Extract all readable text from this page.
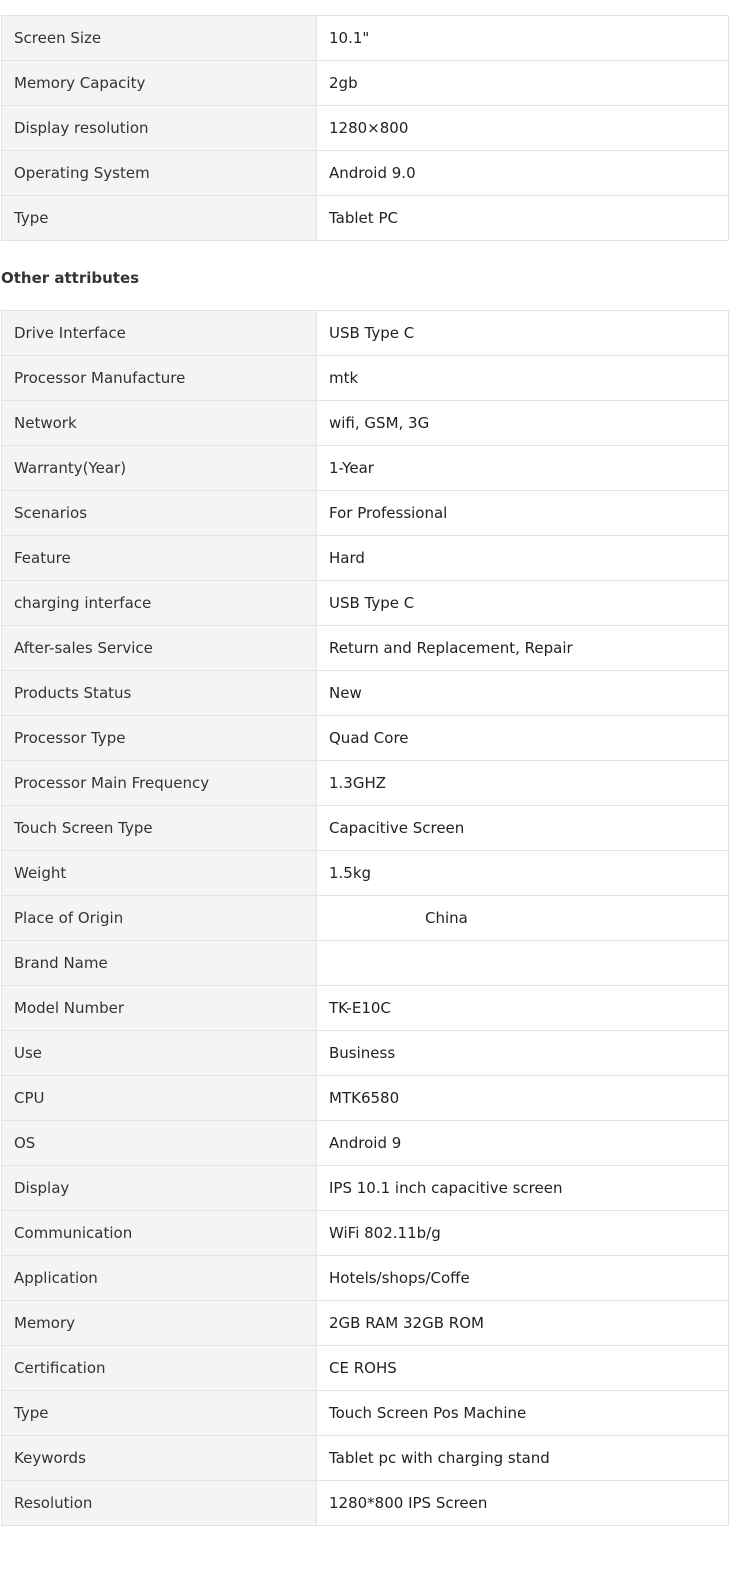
Screen Size	10.1"
Memory Capacity	2gb
Display resolution	1280×800
Operating System	Android 9.0
Type	Tablet PC
Other attributes
Drive Interface	USB Type C
Processor Manufacture	mtk
Network	wifi, GSM, 3G
Warranty(Year)	1-Year
Scenarios	For Professional
Feature	Hard
charging interface	USB Type C
After-sales Service	Return and Replacement, Repair
Products Status	New
Processor Type	Quad Core
Processor Main Frequency	1.3GHZ
Touch Screen Type	Capacitive Screen
Weight	1.5kg
Place of Origin	China
Brand Name	
Model Number	TK-E10C
Use	Business
CPU	MTK6580
OS	Android 9
Display	IPS 10.1 inch capacitive screen
Communication	WiFi 802.11b/g
Application	Hotels/shops/Coffe
Memory	2GB RAM 32GB ROM
Certification	CE ROHS
Type	Touch Screen Pos Machine
Keywords	Tablet pc with charging stand
Resolution	1280*800 IPS Screen
